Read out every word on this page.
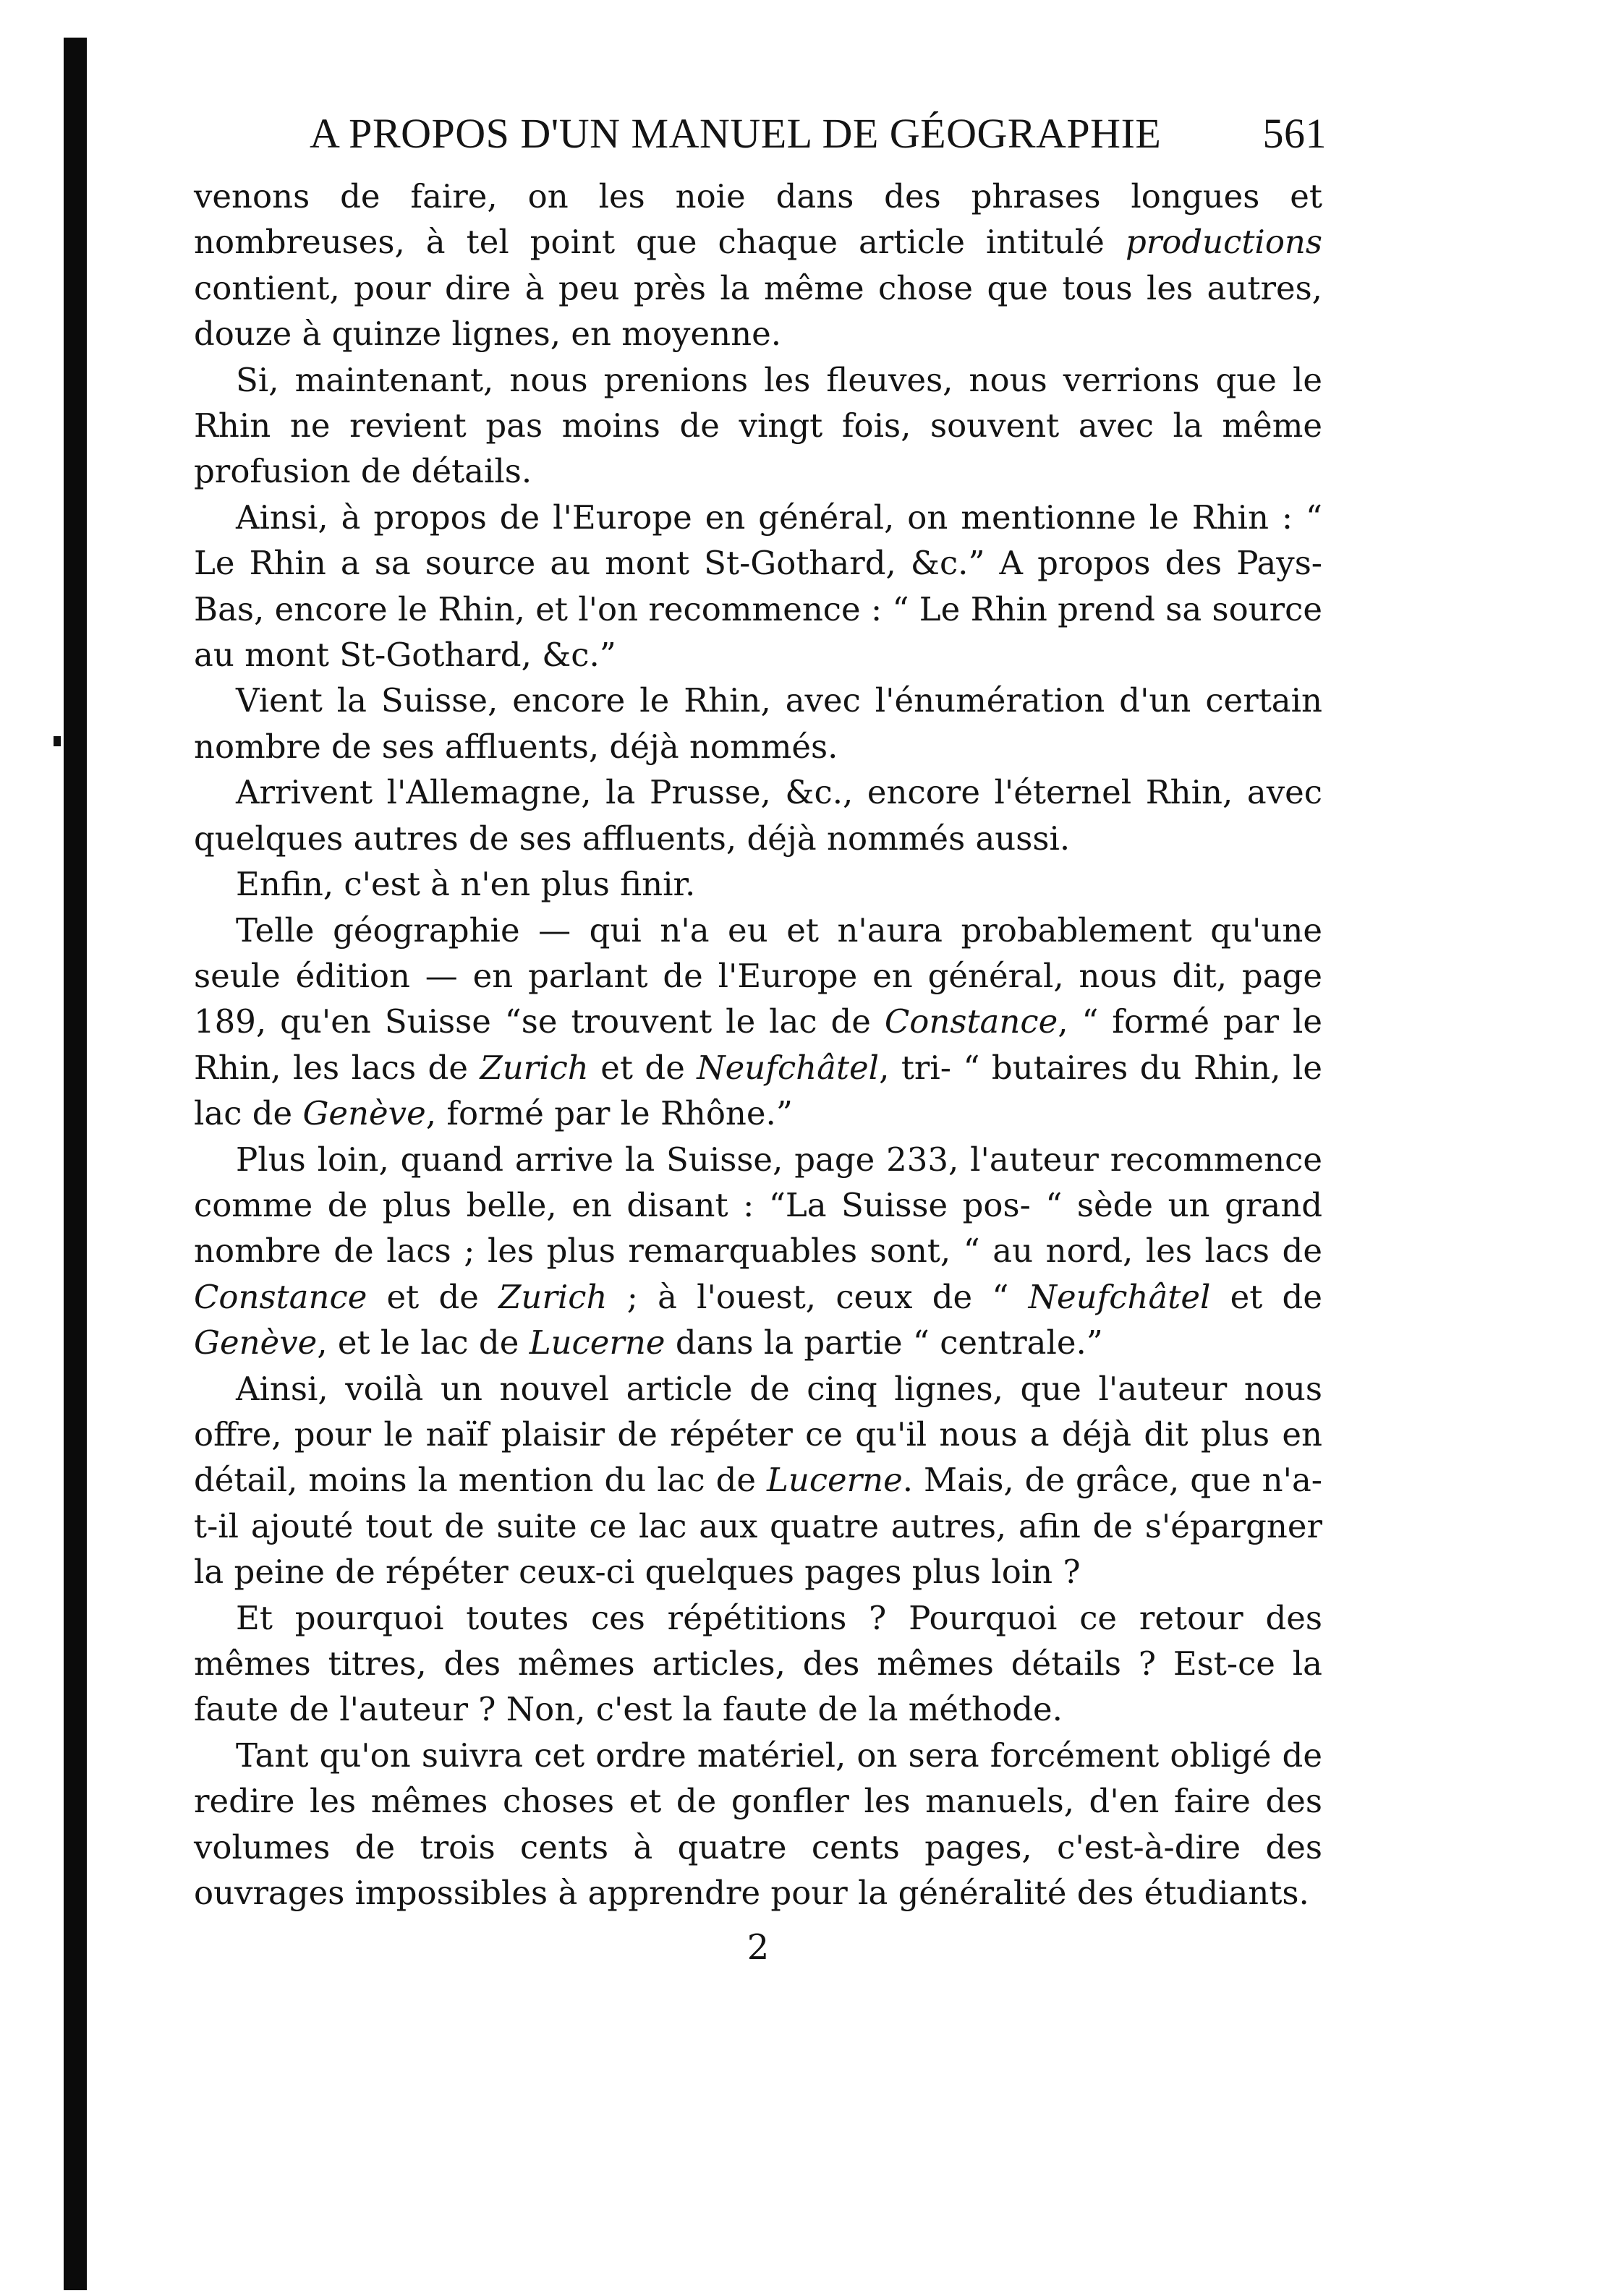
A PROPOS D'UN MANUEL DE GÉOGRAPHIE 561

venons de faire, on les noie dans des phrases longues et nombreuses, à tel point que chaque article intitulé productions contient, pour dire à peu près la même chose que tous les autres, douze à quinze lignes, en moyenne.

Si, maintenant, nous prenions les fleuves, nous verrions que le Rhin ne revient pas moins de vingt fois, souvent avec la même profusion de détails.

Ainsi, à propos de l'Europe en général, on mentionne le Rhin : “ Le Rhin a sa source au mont St-Gothard, &c.” A propos des Pays-Bas, encore le Rhin, et l'on recommence : “ Le Rhin prend sa source au mont St-Gothard, &c.”

Vient la Suisse, encore le Rhin, avec l'énumération d'un certain nombre de ses affluents, déjà nommés.

Arrivent l'Allemagne, la Prusse, &c., encore l'éternel Rhin, avec quelques autres de ses affluents, déjà nommés aussi.

Enfin, c'est à n'en plus finir.

Telle géographie — qui n'a eu et n'aura probablement qu'une seule édition — en parlant de l'Europe en général, nous dit, page 189, qu'en Suisse “se trouvent le lac de Constance, “ formé par le Rhin, les lacs de Zurich et de Neufchâtel, tri- “ butaires du Rhin, le lac de Genève, formé par le Rhône.”

Plus loin, quand arrive la Suisse, page 233, l'auteur recommence comme de plus belle, en disant : “La Suisse pos- “ sède un grand nombre de lacs ; les plus remarquables sont, “ au nord, les lacs de Constance et de Zurich ; à l'ouest, ceux de “ Neufchâtel et de Genève, et le lac de Lucerne dans la partie “ centrale.”

Ainsi, voilà un nouvel article de cinq lignes, que l'auteur nous offre, pour le naïf plaisir de répéter ce qu'il nous a déjà dit plus en détail, moins la mention du lac de Lucerne. Mais, de grâce, que n'a-t-il ajouté tout de suite ce lac aux quatre autres, afin de s'épargner la peine de répéter ceux-ci quelques pages plus loin ?

Et pourquoi toutes ces répétitions ? Pourquoi ce retour des mêmes titres, des mêmes articles, des mêmes détails ? Est-ce la faute de l'auteur ? Non, c'est la faute de la méthode.

Tant qu'on suivra cet ordre matériel, on sera forcément obligé de redire les mêmes choses et de gonfler les manuels, d'en faire des volumes de trois cents à quatre cents pages, c'est-à-dire des ouvrages impossibles à apprendre pour la généralité des étudiants.

2
